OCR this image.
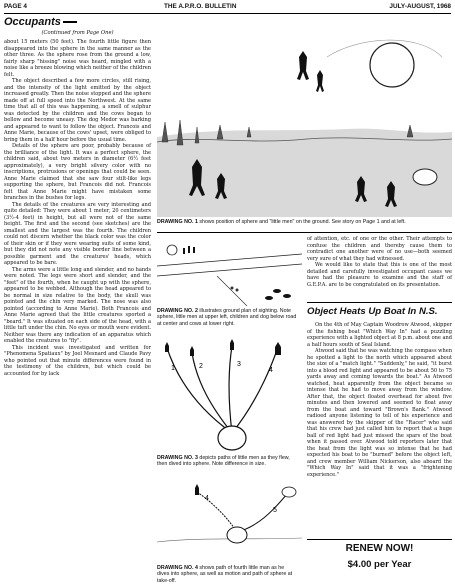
PAGE 4	THE A.P.R.O. BULLETIN	JULY-AUGUST, 1968
Occupants
(Continued from Page One)

about 15 meters (50 feet). The fourth little figure then disappeared into the sphere in the same manner as the other three. As the sphere rose from the ground a low, fairly sharp "hissing" noise was heard, mingled with a noise like a breeze blowing which neither of the children felt.

The object described a few more circles, still rising, and the intensity of the light emitted by the object increased greatly. Then the noise stopped and the sphere made off at full speed into the Northwest. At the same time that all of this was happening, a smell of sulphur was detected by the children and the cows began to bellow and become uneasy. The dog Medor was barking and appeared to want to follow the object. Francois and Anne Marie, because of the cows' upset, were obliged to bring them in a half hour before the usual time.

Details of the sphere are poor, probably because of the brilliance of the light. It was a perfect sphere, the children said, about two meters in diameter (6½ feet approximately), a very bright silvery color with no inscriptions, protrusions or openings that could be seen. Anne Marie claimed that she saw four stilt-like legs supporting the sphere, but Francois did not. Francois felt that Anne Marie might have mistaken some branches in the bushes for legs.

The details of the creatures are very interesting and quite detailed: They were about 1 meter, 20 centimeters (3½-4 feet) in height, but all were not of the same height. The first and the second (see sketches) are the smallest and the largest was the fourth. The children could not discern whether the black color was the color of their skin or if they were wearing suits of some kind, but they did not note any visible border line between a possible garment and the creatures' heads, which appeared to be bare.

The arms were a little long and slender, and no hands were noted. The legs were short and slender, and the "feet" of the fourth, when he caught up with the sphere, appeared to be webbed. Although the head appeared to be normal in size relative to the body, the skull was pointed and the chin very marked. The nose was also pointed (according to Anne Marie). Both Francois and Anne Marie agreed that the little creatures sported a "beard." It was situated on each side of the head, with a little tuft under the chin. No eyes or mouth were evident. Neither was there any indication of an apparatus which enabled the creatures to "fly".

This incident was investigated and written for "Phenomena Spatiaux" by Joel Mesnard and Claude Pavy who pointed out that minute differences were found in the testimony of the children, but which could be accounted for by lack

DRAWING NO. 1 shows position of sphere and "little men" on the ground. See story on Page 1 and at left.
DRAWING NO. 2 illustrates ground plan of sighting. Note sphere, little men at upper left, children and dog below road at center and cows at lower right.
1	2	3
4
DRAWING NO. 3 depicts paths of little men as they flew, then dived into sphere. Note difference in size.
4
5
DRAWING NO. 4 shows path of fourth little man as he dives into sphere, as well as motion and path of sphere at take-off.

of attention, etc. of one or the other. Their attempts to confuse the children and thereby cause them to contradict one another were of no use—both seemed very sure of what they had witnessed.

We would like to state that this is one of the most detailed and carefully investigated occupant cases we have had the pleasure to examine and the staff of G.E.P.A. are to be congratulated on its presentation.

Object Heats Up Boat In N.S.

On the 4th of May Captain Woodrow Atwood, skipper of the fishing boat "Which Way In" had a puzzling experience with a lighted object at 8 p.m. about one and a half hours south of Seal Island.

Atwood said that he was watching the compass when he spotted a light to the north which appeared about the size of a "match light." "Suddenly," he said, "it burst into a blood red light and appeared to be about 50 to 75 yards away and coming towards the boat." As Atwood watched, heat apparently from the object became so intense that he had to move away from the window. After that, the object floated overhead for about five minutes and then lowered and seemed to float away from the boat and toward "Brown's Bank." Atwood radioed anyone listening to tell of his experience and was answered by the skipper of the "Racer" who said that his crew had just called him to report that a huge ball of red light had just missed the spars of the boat when it passed over. Atwood told reporters later that the heat from the light was so intense that he had expected his boat to be "burned" before the object left, and crew member William Nickerson, also aboard the "Which Way In" said that it was a "frightening experience."

RENEW NOW!
$4.00 per Year
